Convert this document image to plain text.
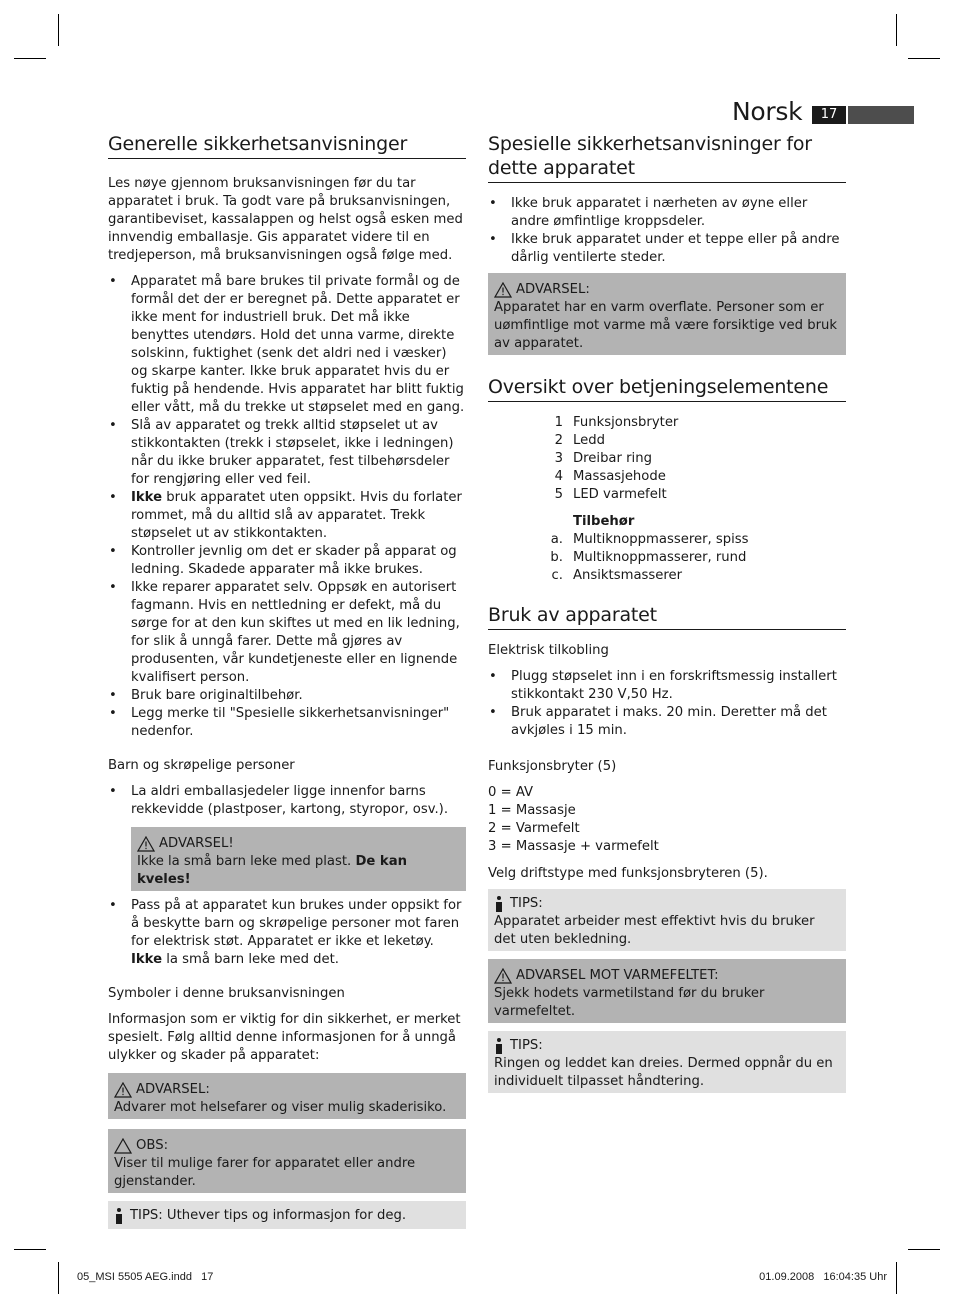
Norsk	17
Generelle sikkerhetsanvisninger

Les nøye gjennom bruksanvisningen før du tar apparatet i bruk. Ta godt vare på bruksanvisningen, garantibeviset, kassalappen og helst også esken med innvendig emballasje. Gis apparatet videre til en tredjeperson, må bruksanvisningen også følge med.

• Apparatet må bare brukes til private formål og de formål det der er beregnet på. Dette apparatet er ikke ment for industriell bruk. Det må ikke benyttes utendørs. Hold det unna varme, direkte solskinn, fuktighet (senk det aldri ned i væsker) og skarpe kanter. Ikke bruk apparatet hvis du er fuktig på hendende. Hvis apparatet har blitt fuktig eller vått, må du trekke ut støpselet med en gang.
• Slå av apparatet og trekk alltid støpselet ut av stikkontakten (trekk i støpselet, ikke i ledningen) når du ikke bruker apparatet, fest tilbehørsdeler for rengjøring eller ved feil.
• Ikke bruk apparatet uten oppsikt. Hvis du forlater rommet, må du alltid slå av apparatet. Trekk støpselet ut av stikkontakten.
• Kontroller jevnlig om det er skader på apparat og ledning. Skadede apparater må ikke brukes.
• Ikke reparer apparatet selv. Oppsøk en autorisert fagmann. Hvis en nettledning er defekt, må du sørge for at den kun skiftes ut med en lik ledning, for slik å unngå farer. Dette må gjøres av produsenten, vår kundetjeneste eller en lignende kvalifisert person.
• Bruk bare originaltilbehør.
• Legg merke til "Spesielle sikkerhetsanvisninger" nedenfor.
Barn og skrøpelige personer
• La aldri emballasjedeler ligge innenfor barns rekkevidde (plastposer, kartong, styropor, osv.).
ADVARSEL!

Ikke la små barn leke med plast. De kan kveles!

• Pass på at apparatet kun brukes under oppsikt for å beskytte barn og skrøpelige personer mot faren for elektrisk støt. Apparatet er ikke et leketøy. Ikke la små barn leke med det.
Symboler i denne bruksanvisningen

Informasjon som er viktig for din sikkerhet, er merket spesielt. Følg alltid denne informasjonen for å unngå ulykker og skader på apparatet:

ADVARSEL:

Advarer mot helsefarer og viser mulig skaderisiko.

OBS:

Viser til mulige farer for apparatet eller andre gjenstander.

TIPS:
Uthever tips og informasjon for deg.
Spesielle sikkerhetsanvisninger for dette apparatet
• Ikke bruk apparatet i nærheten av øyne eller andre ømfintlige kroppsdeler.
• Ikke bruk apparatet under et teppe eller på andre dårlig ventilerte steder.
ADVARSEL:

Apparatet har en varm overflate. Personer som er uømfintlige mot varme må være forsiktige ved bruk av apparatet.

Oversikt over betjeningselementene
1 Funksjonsbryter
2 Ledd
3 Dreibar ring
4 Massasjehode
5 LED varmefelt
Tilbehør
a. Multiknoppmasserer, spiss
b. Multiknoppmasserer, rund
c. Ansiktsmasserer
Bruk av apparatet
Elektrisk tilkobling
• Plugg støpselet inn i en forskriftsmessig installert stikkontakt 230 V,50 Hz.
• Bruk apparatet i maks. 20 min. Deretter må det avkjøles i 15 min.
Funksjonsbryter (5)

0 = AV

1 = Massasje

2 = Varmefelt

3 = Massasje + varmefelt

Velg driftstype med funksjonsbryteren (5).

TIPS:

Apparatet arbeider mest effektivt hvis du bruker det uten bekledning.

ADVARSEL MOT VARMEFELTET:

Sjekk hodets varmetilstand før du bruker varmefeltet.

TIPS:

Ringen og leddet kan dreies. Dermed oppnår du en individuelt tilpasset håndtering.

05_MSI 5505 AEG.indd   17	01.09.2008   16:04:35 Uhr
